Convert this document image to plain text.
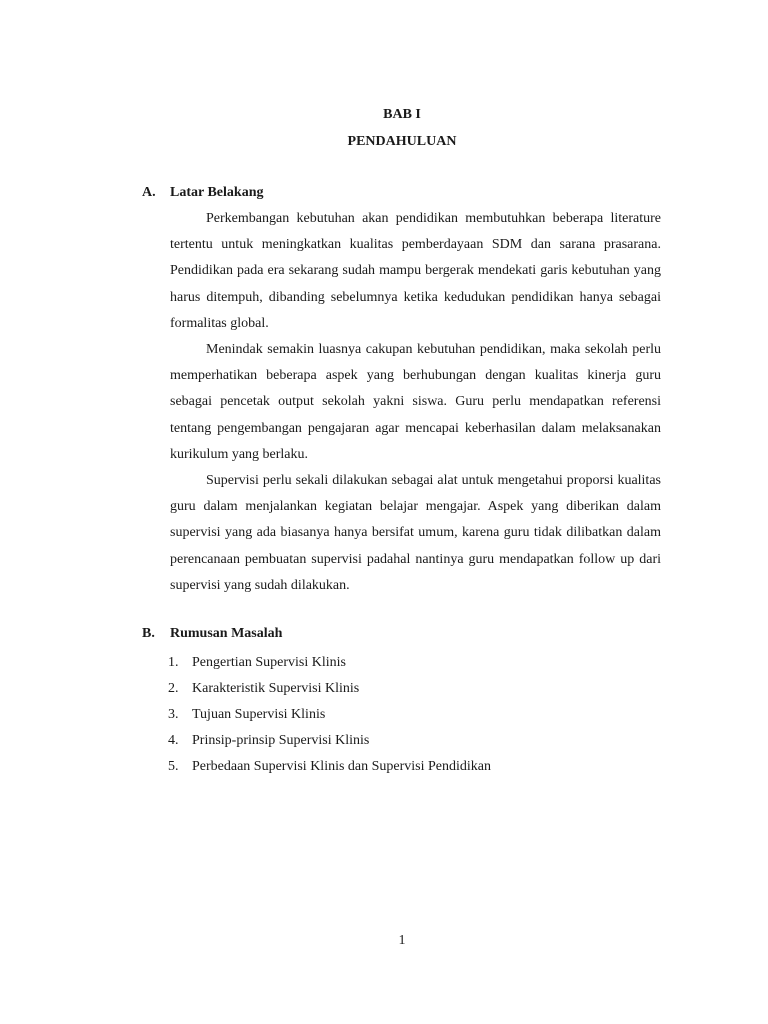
BAB I
PENDAHULUAN
A. Latar Belakang

Perkembangan kebutuhan akan pendidikan membutuhkan beberapa literature tertentu untuk meningkatkan kualitas pemberdayaan SDM dan sarana prasarana. Pendidikan pada era sekarang sudah mampu bergerak mendekati garis kebutuhan yang harus ditempuh, dibanding sebelumnya ketika kedudukan pendidikan hanya sebagai formalitas global.

Menindak semakin luasnya cakupan kebutuhan pendidikan, maka sekolah perlu memperhatikan beberapa aspek yang berhubungan dengan kualitas kinerja guru sebagai pencetak output sekolah yakni siswa. Guru perlu mendapatkan referensi tentang pengembangan pengajaran agar mencapai keberhasilan dalam melaksanakan kurikulum yang berlaku.

Supervisi perlu sekali dilakukan sebagai alat untuk mengetahui proporsi kualitas guru dalam menjalankan kegiatan belajar mengajar. Aspek yang diberikan dalam supervisi yang ada biasanya hanya bersifat umum, karena guru tidak dilibatkan dalam perencanaan pembuatan supervisi padahal nantinya guru mendapatkan follow up dari supervisi yang sudah dilakukan.

B. Rumusan Masalah
1. Pengertian Supervisi Klinis
2. Karakteristik Supervisi Klinis
3. Tujuan Supervisi Klinis
4. Prinsip-prinsip Supervisi Klinis
5. Perbedaan Supervisi Klinis dan Supervisi Pendidikan
1
